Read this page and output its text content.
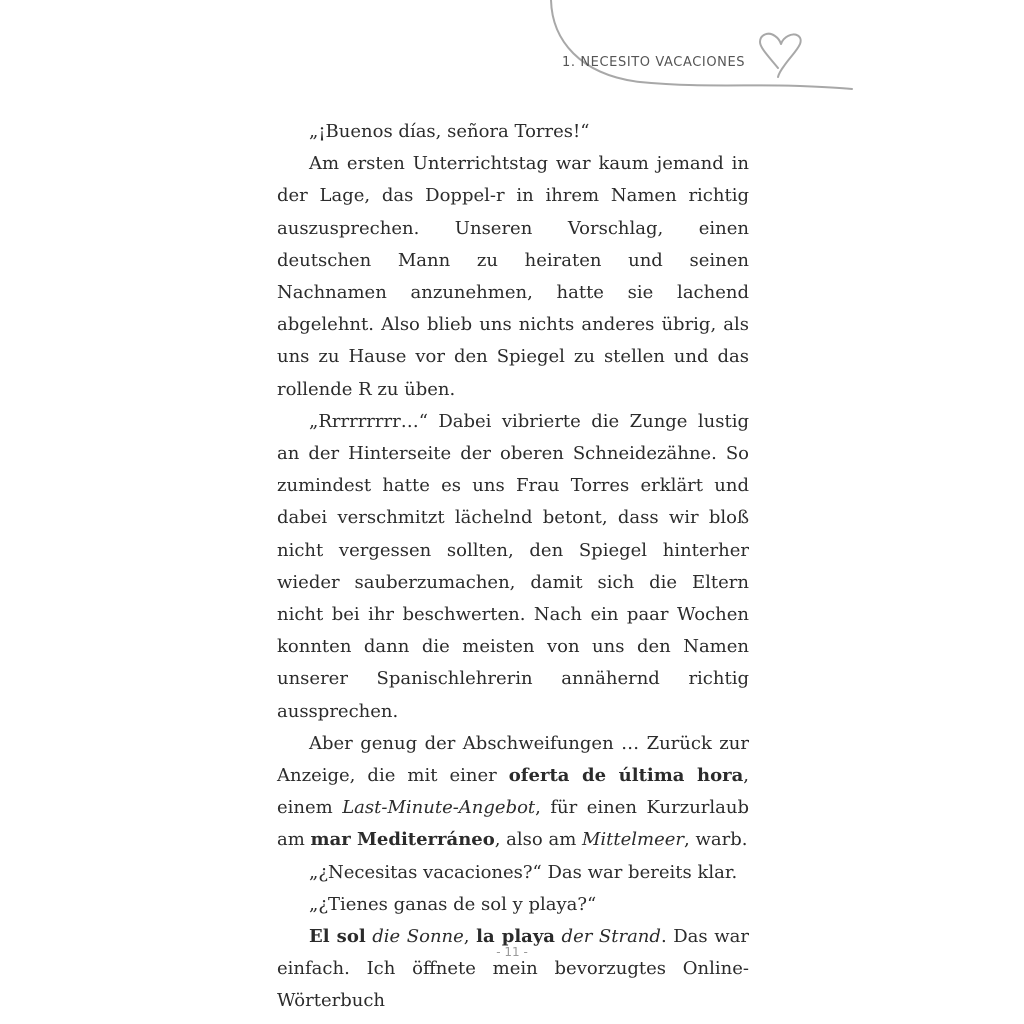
1. NECESITO VACACIONES

„¡Buenos días, señora Torres!“

Am ersten Unterrichtstag war kaum jemand in der Lage, das Doppel-r in ihrem Namen richtig auszusprechen. Unseren Vorschlag, einen deutschen Mann zu heiraten und seinen Nachnamen anzunehmen, hatte sie lachend abgelehnt. Also blieb uns nichts anderes übrig, als uns zu Hause vor den Spiegel zu stellen und das rollende R zu üben.

„Rrrrrrrrr…“ Dabei vibrierte die Zunge lustig an der Hinterseite der oberen Schneidezähne. So zumindest hatte es uns Frau Torres erklärt und dabei verschmitzt lächelnd betont, dass wir bloß nicht vergessen sollten, den Spiegel hinterher wieder sauberzumachen, damit sich die Eltern nicht bei ihr beschwerten. Nach ein paar Wochen konnten dann die meisten von uns den Namen unserer Spanischlehrerin annähernd richtig aussprechen.

Aber genug der Abschweifungen … Zurück zur Anzeige, die mit einer oferta de última hora, einem Last-Minute-Angebot, für einen Kurzurlaub am mar Mediterráneo, also am Mittelmeer, warb.

„¿Necesitas vacaciones?“ Das war bereits klar.

„¿Tienes ganas de sol y playa?“

El sol die Sonne, la playa der Strand. Das war einfach. Ich öffnete mein bevorzugtes Online-Wörterbuch

- 11 -
